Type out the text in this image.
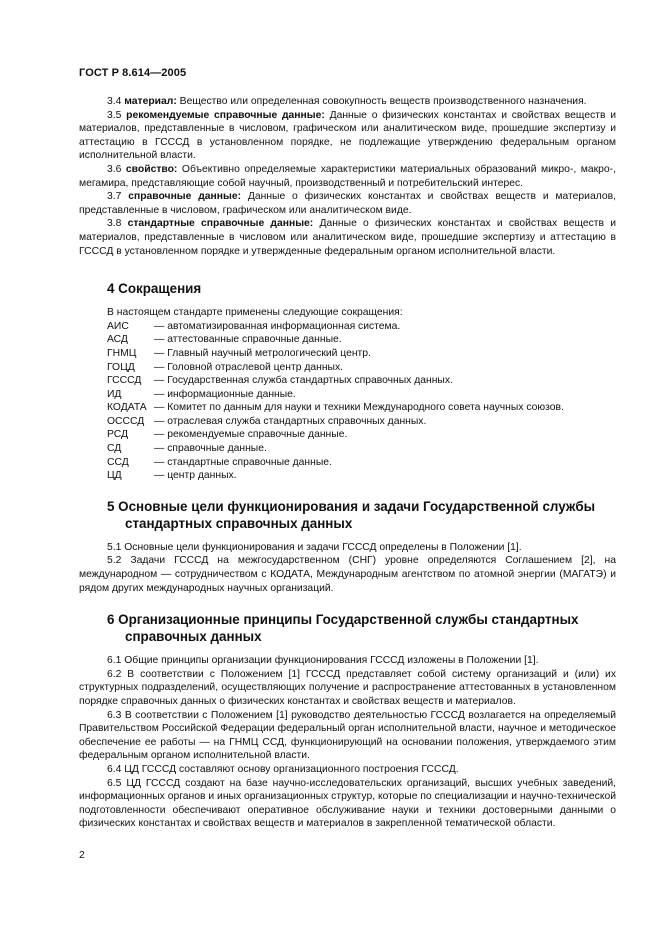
ГОСТ Р 8.614—2005

3.4 материал: Вещество или определенная совокупность веществ производственного назначения.

3.5 рекомендуемые справочные данные: Данные о физических константах и свойствах веществ и материалов, представленные в числовом, графическом или аналитическом виде, прошедшие экспертизу и аттестацию в ГСССД в установленном порядке, не подлежащие утверждению федеральным органом исполнительной власти.

3.6 свойство: Объективно определяемые характеристики материальных образований микро-, макро-, мегамира, представляющие собой научный, производственный и потребительский интерес.

3.7 справочные данные: Данные о физических константах и свойствах веществ и материалов, представленные в числовом, графическом или аналитическом виде.

3.8 стандартные справочные данные: Данные о физических константах и свойствах веществ и материалов, представленные в числовом или аналитическом виде, прошедшие экспертизу и аттестацию в ГСССД в установленном порядке и утвержденные федеральным органом исполнительной власти.

4 Сокращения

В настоящем стандарте применены следующие сокращения:

АИС	— автоматизированная информационная система.
АСД	— аттестованные справочные данные.
ГНМЦ	— Главный научный метрологический центр.
ГОЦД	— Головной отраслевой центр данных.
ГСССД	— Государственная служба стандартных справочных данных.
ИД	— информационные данные.
КОДАТА	— Комитет по данным для науки и техники Международного совета научных союзов.
ОСССД	— отраслевая служба стандартных справочных данных.
РСД	— рекомендуемые справочные данные.
СД	— справочные данные.
ССД	— стандартные справочные данные.
ЦД	— центр данных.
5 Основные цели функционирования и задачи Государственной службы стандартных справочных данных

5.1 Основные цели функционирования и задачи ГСССД определены в Положении [1].

5.2 Задачи ГСССД на межгосударственном (СНГ) уровне определяются Соглашением [2], на международном — сотрудничеством с КОДАТА, Международным агентством по атомной энергии (МАГАТЭ) и рядом других международных научных организаций.

6 Организационные принципы Государственной службы стандартных справочных данных

6.1 Общие принципы организации функционирования ГСССД изложены в Положении [1].

6.2 В соответствии с Положением [1] ГСССД представляет собой систему организаций и (или) их структурных подразделений, осуществляющих получение и распространение аттестованных в установленном порядке справочных данных о физических константах и свойствах веществ и материалов.

6.3 В соответствии с Положением [1] руководство деятельностью ГСССД возлагается на определяемый Правительством Российской Федерации федеральный орган исполнительной власти, научное и методическое обеспечение ее работы — на ГНМЦ ССД, функционирующий на основании положения, утверждаемого этим федеральным органом исполнительной власти.

6.4 ЦД ГСССД составляют основу организационного построения ГСССД.

6.5 ЦД ГСССД создают на базе научно-исследовательских организаций, высших учебных заведений, информационных органов и иных организационных структур, которые по специализации и научно-технической подготовленности обеспечивают оперативное обслуживание науки и техники достоверными данными о физических константах и свойствах веществ и материалов в закрепленной тематической области.

2
